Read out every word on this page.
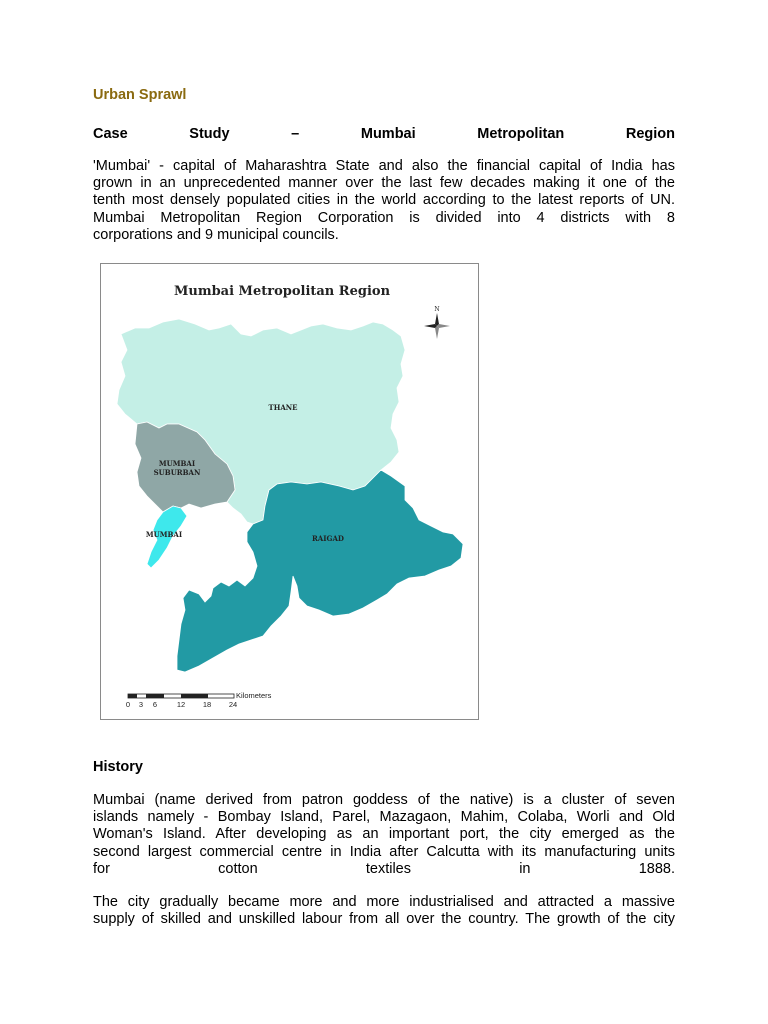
Urban Sprawl
Case	Study	–	Mumbai	Metropolitan	Region
'Mumbai' - capital of Maharashtra State and also the financial capital of India has
grown in an unprecedented manner over the last few decades making it one of the
tenth most densely populated cities in the world according to the latest reports of UN.
Mumbai Metropolitan Region Corporation is divided into 4 districts with 8
corporations and 9 municipal councils.
History
Mumbai (name derived from patron goddess of the native) is a cluster of seven
islands namely - Bombay Island, Parel, Mazagaon, Mahim, Colaba, Worli and Old
Woman's Island. After developing as an important port, the city emerged as the
second largest commercial centre in India after Calcutta with its manufacturing units
for cotton textiles in 1888.
The city gradually became more and more industrialised and attracted a massive
supply of skilled and unskilled labour from all over the country. The growth of the city
Mumbai Metropolitan Region
N
THANE
MUMBAI
SUBURBAN
MUMBAI	RAIGAD
Kilometers
0 3 6	12 18 24
